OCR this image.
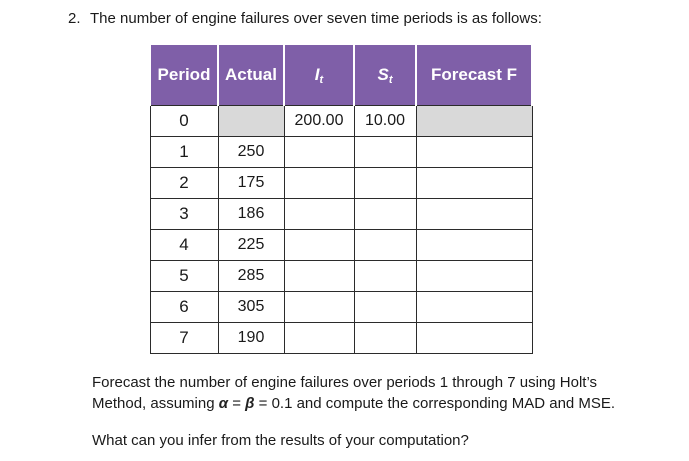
2. The number of engine failures over seven time periods is as follows:
Period	Actual	$I_t$	$S_t$	Forecast F
0		200.00	10.00	
1	250			
2	175			
3	186			
4	225			
5	285			
6	305			
7	190			
Forecast the number of engine failures over periods 1 through 7 using Holt’s
Method, assuming α = β = 0.1 and compute the corresponding MAD and MSE.
What can you infer from the results of your computation?
